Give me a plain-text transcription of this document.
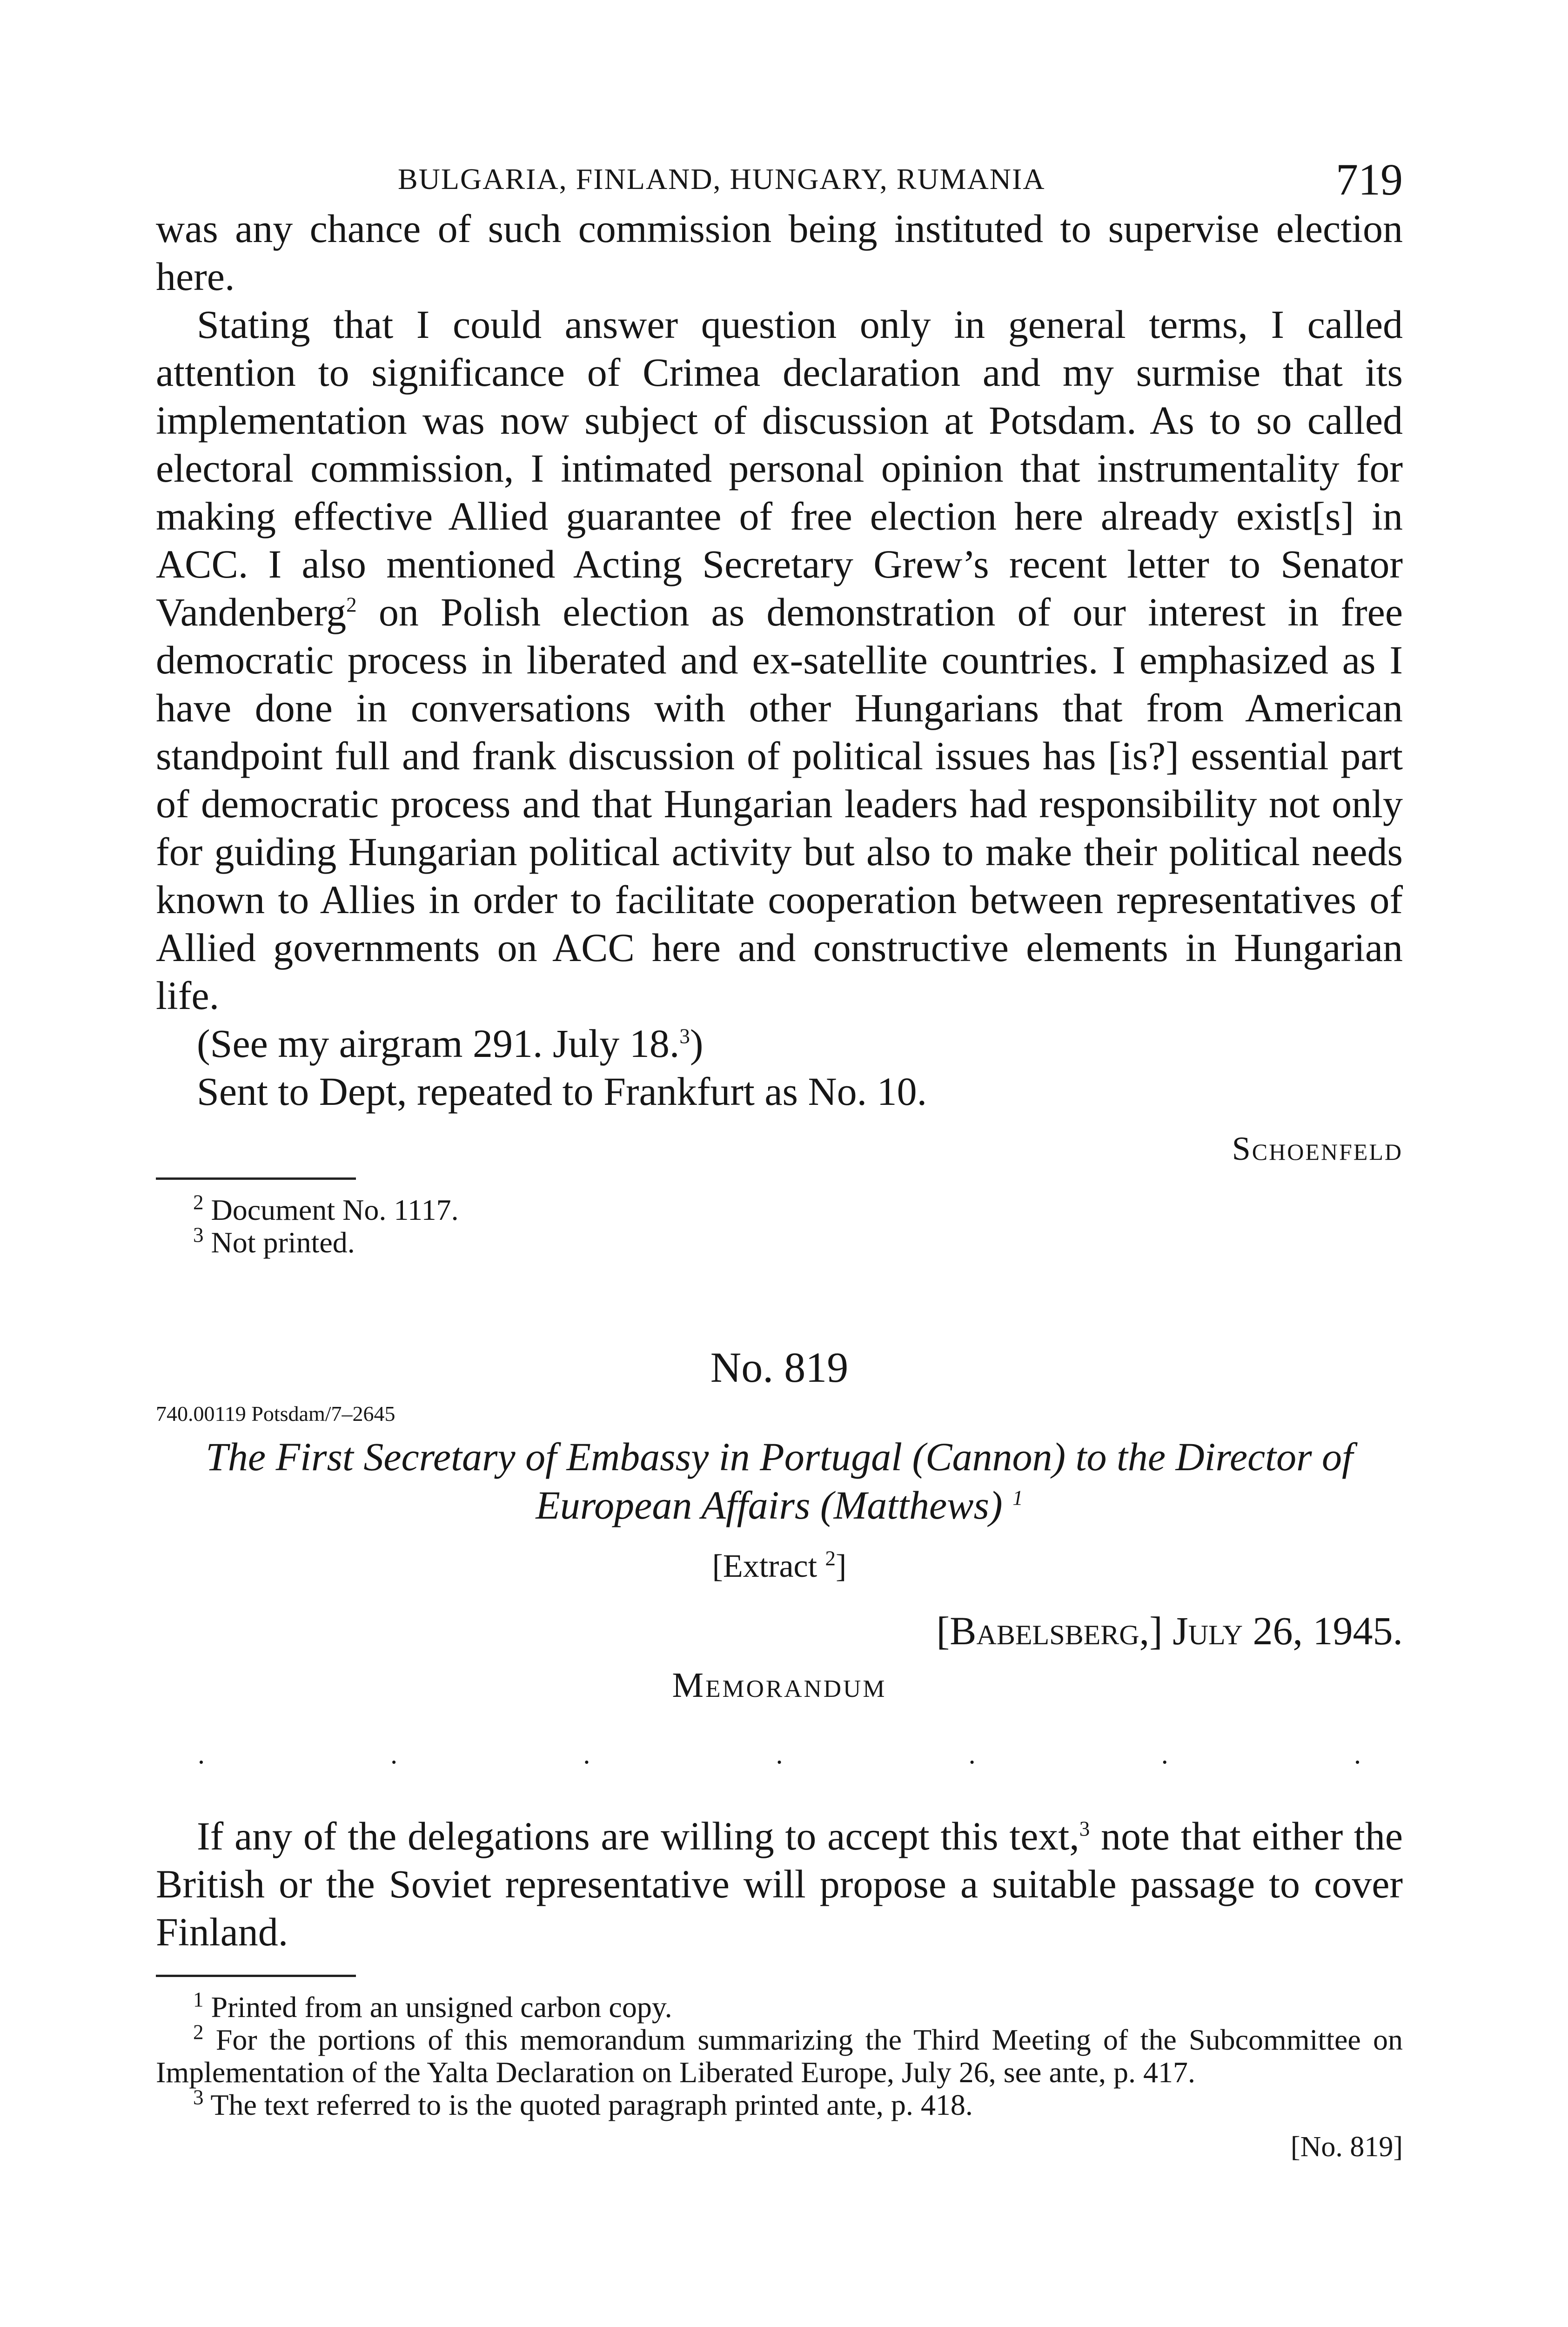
BULGARIA, FINLAND, HUNGARY, RUMANIA	719

was any chance of such commission being instituted to supervise election here.

Stating that I could answer question only in general terms, I called attention to significance of Crimea declaration and my surmise that its implementation was now subject of discussion at Potsdam. As to so called electoral commission, I intimated personal opinion that instrumentality for making effective Allied guarantee of free election here already exist[s] in ACC. I also mentioned Acting Secretary Grew’s recent letter to Senator Vandenberg$^2$ on Polish election as demonstration of our interest in free democratic process in liberated and ex-satellite countries. I emphasized as I have done in conversations with other Hungarians that from American standpoint full and frank discussion of political issues has [is?] essential part of democratic process and that Hungarian leaders had responsibility not only for guiding Hungarian political activity but also to make their political needs known to Allies in order to facilitate cooperation between representatives of Allied governments on ACC here and constructive elements in Hungarian life.

(See my airgram 291. July 18.$^3$)

Sent to Dept, repeated to Frankfurt as No. 10.

Schoenfeld

$^2$ Document No. 1117.

$^3$ Not printed.

No. 819
740.00119 Potsdam/7–2645

The First Secretary of Embassy in Portugal (Cannon) to the Director of European Affairs (Matthews) $^1$

[Extract $^2$]
[Babelsberg,] July 26, 1945.
Memorandum
.	.	.	.	.	.	.

If any of the delegations are willing to accept this text,$^3$ note that either the British or the Soviet representative will propose a suitable passage to cover Finland.

$^1$ Printed from an unsigned carbon copy.

$^2$ For the portions of this memorandum summarizing the Third Meeting of the Subcommittee on Implementation of the Yalta Declaration on Liberated Europe, July 26, see ante, p. 417.

$^3$ The text referred to is the quoted paragraph printed ante, p. 418.

[No. 819]
